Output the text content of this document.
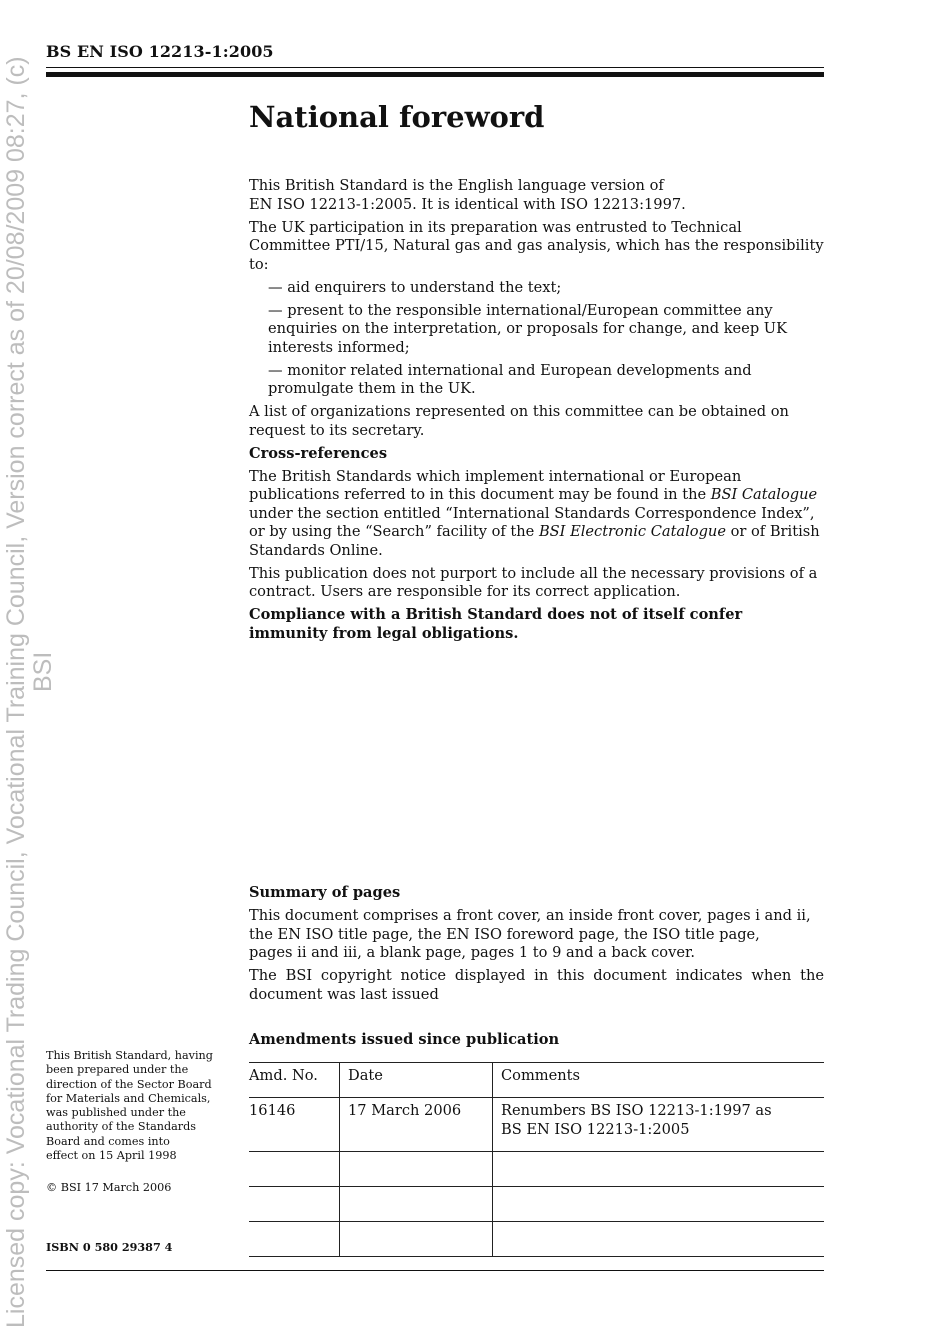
Licensed copy: Vocational Trading Council, Vocational Training Council, Version correct as of 20/08/2009 08:27, (c) BSI
BS EN ISO 12213-1:2005
National foreword

This British Standard is the English language version of
EN ISO 12213-1:2005. It is identical with ISO 12213:1997.

The UK participation in its preparation was entrusted to Technical Committee PTI/15, Natural gas and gas analysis, which has the responsibility to:

— aid enquirers to understand the text;
— present to the responsible international/European committee any enquiries on the interpretation, or proposals for change, and keep UK interests informed;
— monitor related international and European developments and promulgate them in the UK.

A list of organizations represented on this committee can be obtained on request to its secretary.

Cross-references

The British Standards which implement international or European publications referred to in this document may be found in the BSI Catalogue under the section entitled “International Standards Correspondence Index”, or by using the “Search” facility of the BSI Electronic Catalogue or of British Standards Online.

This publication does not purport to include all the necessary provisions of a contract. Users are responsible for its correct application.

Compliance with a British Standard does not of itself confer immunity from legal obligations.

Summary of pages

This document comprises a front cover, an inside front cover, pages i and ii,
the EN ISO title page, the EN ISO foreword page, the ISO title page,
pages ii and iii, a blank page, pages 1 to 9 and a back cover.

The BSI copyright notice displayed in this document indicates when the document was last issued

Amendments issued since publication
Amd. No.	Date	Comments
16146	17 March 2006	Renumbers BS ISO 12213-1:1997 as
BS EN ISO 12213-1:2005

This British Standard, having

been prepared under the

direction of the Sector Board

for Materials and Chemicals,

was published under the

authority of the Standards

Board and comes into

effect on 15 April 1998

© BSI 17 March 2006
ISBN 0 580 29387 4
